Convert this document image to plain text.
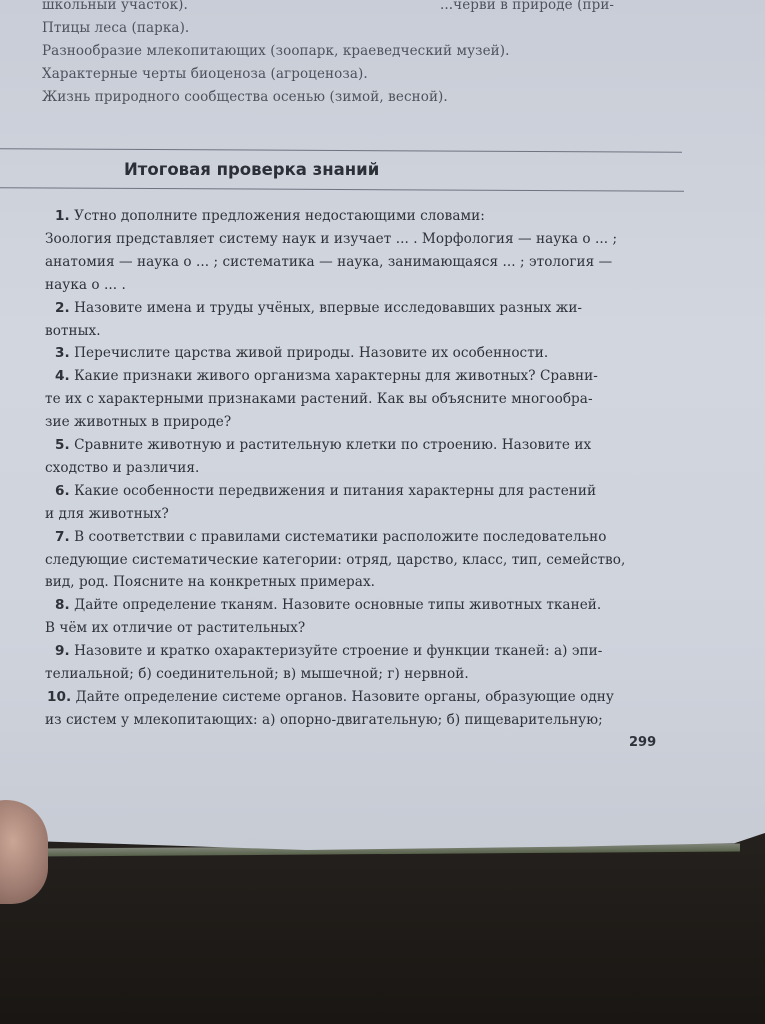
школьный участок).	...черви в природе (при-
Птицы леса (парка).
Разнообразие млекопитающих (зоопарк, краеведческий музей).
Характерные черты биоценоза (агроценоза).
Жизнь природного сообщества осенью (зимой, весной).
Итоговая проверка знаний
1. Устно дополните предложения недостающими словами:
Зоология представляет систему наук и изучает ... . Морфология — наука о ... ;
анатомия — наука о ... ; систематика — наука, занимающаяся ... ; этология —
наука о ... .
2. Назовите имена и труды учёных, впервые исследовавших разных жи-
вотных.
3. Перечислите царства живой природы. Назовите их особенности.
4. Какие признаки живого организма характерны для животных? Сравни-
те их с характерными признаками растений. Как вы объясните многообра-
зие животных в природе?
5. Сравните животную и растительную клетки по строению. Назовите их
сходство и различия.
6. Какие особенности передвижения и питания характерны для растений
и для животных?
7. В соответствии с правилами систематики расположите последовательно
следующие систематические категории: отряд, царство, класс, тип, семейство,
вид, род. Поясните на конкретных примерах.
8. Дайте определение тканям. Назовите основные типы животных тканей.
В чём их отличие от растительных?
9. Назовите и кратко охарактеризуйте строение и функции тканей: а) эпи-
телиальной; б) соединительной; в) мышечной; г) нервной.
10. Дайте определение системе органов. Назовите органы, образующие одну
из систем у млекопитающих: а) опорно-двигательную; б) пищеварительную;
299
